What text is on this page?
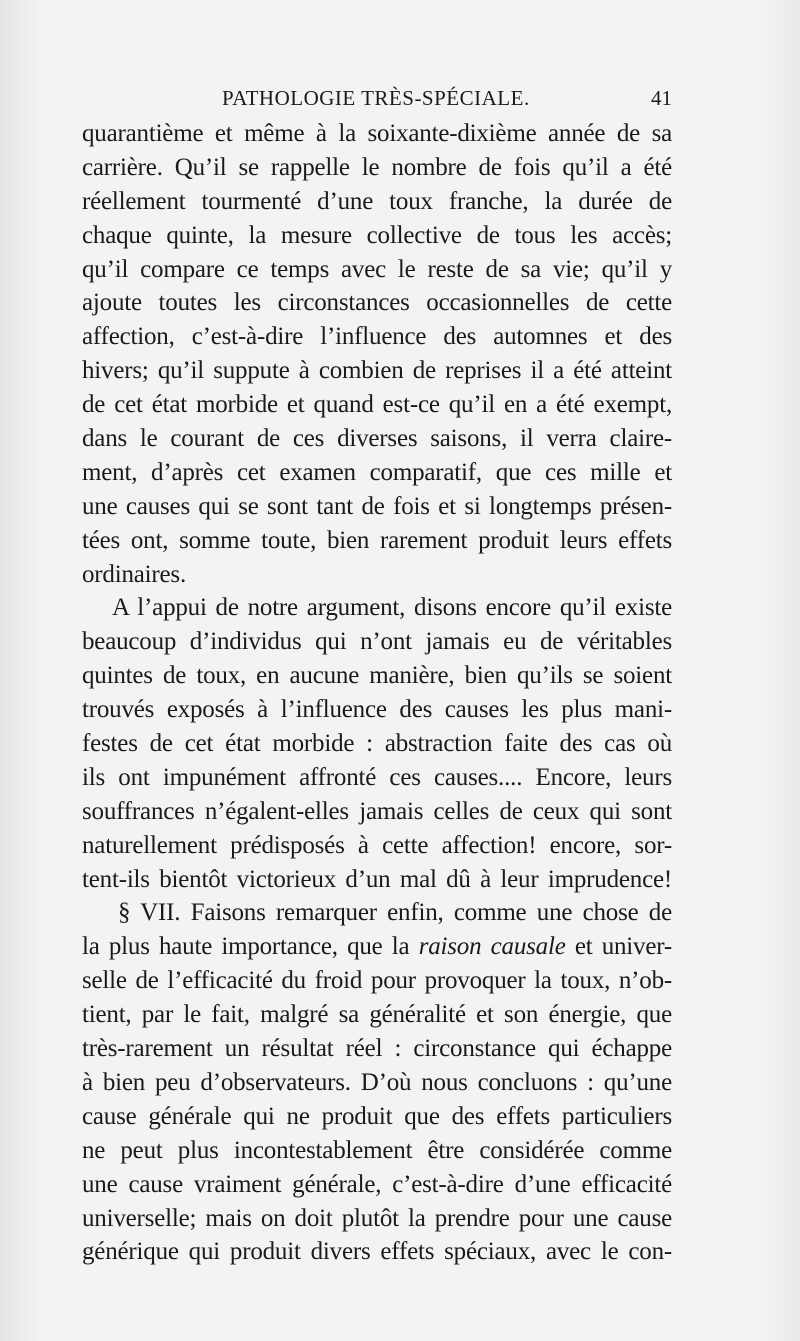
PATHOLOGIE TRÈS-SPÉCIALE.	41
quarantième et même à la soixante-dixième année de sa
carrière. Qu’il se rappelle le nombre de fois qu’il a été
réellement tourmenté d’une toux franche, la durée de
chaque quinte, la mesure collective de tous les accès;
qu’il compare ce temps avec le reste de sa vie; qu’il y
ajoute toutes les circonstances occasionnelles de cette
affection, c’est-à-dire l’influence des automnes et des
hivers; qu’il suppute à combien de reprises il a été atteint
de cet état morbide et quand est-ce qu’il en a été exempt,
dans le courant de ces diverses saisons, il verra claire-
ment, d’après cet examen comparatif, que ces mille et
une causes qui se sont tant de fois et si longtemps présen-
tées ont, somme toute, bien rarement produit leurs effets
ordinaires.
A l’appui de notre argument, disons encore qu’il existe
beaucoup d’individus qui n’ont jamais eu de véritables
quintes de toux, en aucune manière, bien qu’ils se soient
trouvés exposés à l’influence des causes les plus mani-
festes de cet état morbide : abstraction faite des cas où
ils ont impunément affronté ces causes.... Encore, leurs
souffrances n’égalent-elles jamais celles de ceux qui sont
naturellement prédisposés à cette affection! encore, sor-
tent-ils bientôt victorieux d’un mal dû à leur imprudence!
§ VII. Faisons remarquer enfin, comme une chose de
la plus haute importance, que la raison causale et univer-
selle de l’efficacité du froid pour provoquer la toux, n’ob-
tient, par le fait, malgré sa généralité et son énergie, que
très-rarement un résultat réel : circonstance qui échappe
à bien peu d’observateurs. D’où nous concluons : qu’une
cause générale qui ne produit que des effets particuliers
ne peut plus incontestablement être considérée comme
une cause vraiment générale, c’est-à-dire d’une efficacité
universelle; mais on doit plutôt la prendre pour une cause
générique qui produit divers effets spéciaux, avec le con-
